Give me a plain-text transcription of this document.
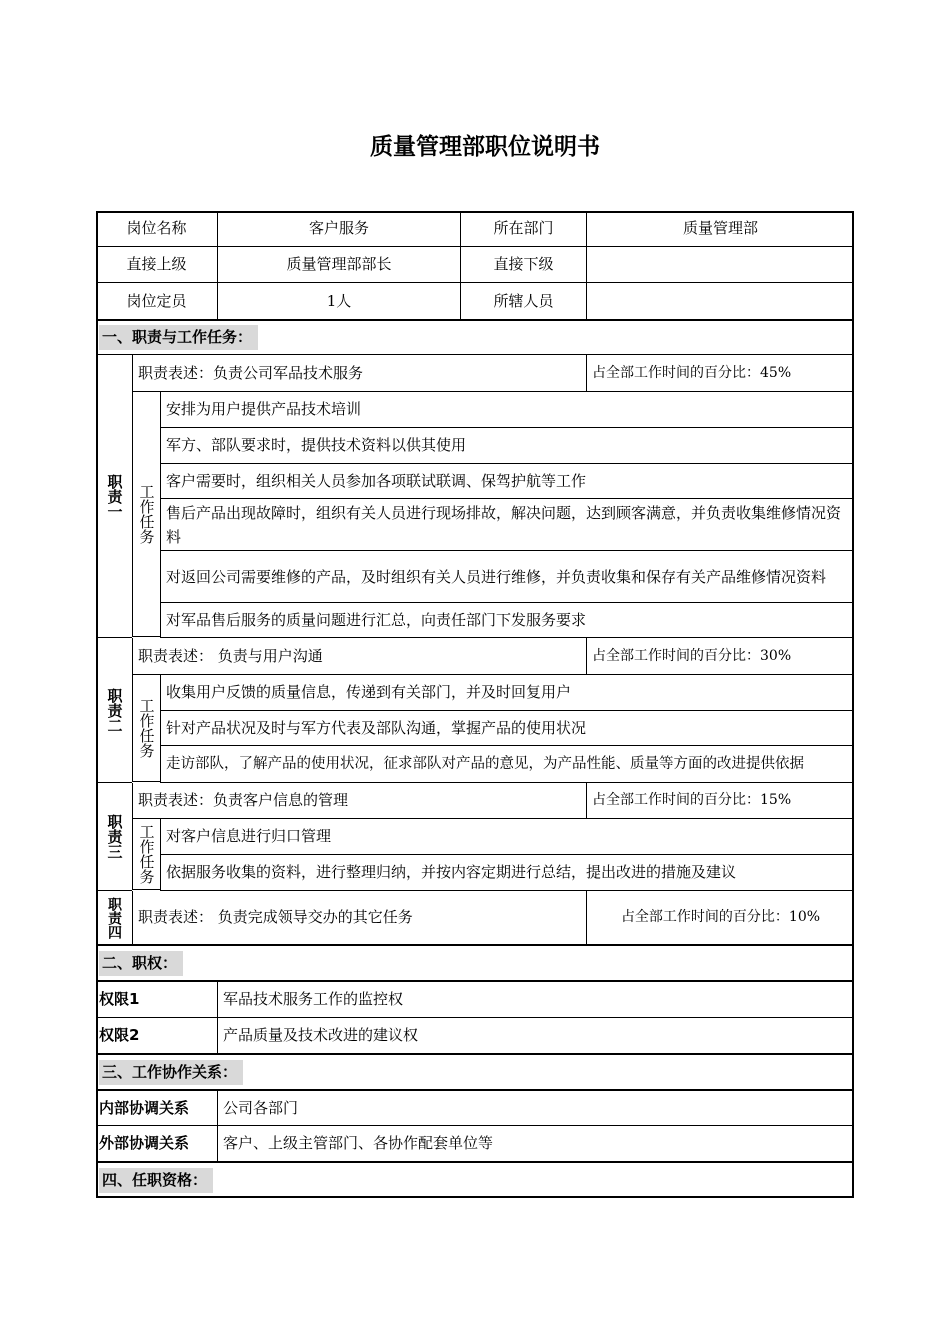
质量管理部职位说明书
岗位名称	客户服务	所在部门	质量管理部
直接上级	质量管理部部长	直接下级
岗位定员	1人	所辖人员
一、职责与工作任务：
职责一
职责表述：负责公司军品技术服务	占全部工作时间的百分比：45%
工作任务
安排为用户提供产品技术培训
军方、部队要求时，提供技术资料以供其使用
客户需要时，组织相关人员参加各项联试联调、保驾护航等工作
售后产品出现故障时，组织有关人员进行现场排故，解决问题，达到顾客满意，并负责收集维修情况资料
对返回公司需要维修的产品，及时组织有关人员进行维修，并负责收集和保存有关产品维修情况资料
对军品售后服务的质量问题进行汇总，向责任部门下发服务要求
职责二
职责表述： 负责与用户沟通	占全部工作时间的百分比：30%
工作任务
收集用户反馈的质量信息，传递到有关部门，并及时回复用户
针对产品状况及时与军方代表及部队沟通，掌握产品的使用状况
走访部队，了解产品的使用状况，征求部队对产品的意见，为产品性能、质量等方面的改进提供依据
职责三
职责表述：负责客户信息的管理	占全部工作时间的百分比：15%
工作任务 对客户信息进行归口管理
依据服务收集的资料，进行整理归纳，并按内容定期进行总结，提出改进的措施及建议
职责四	职责表述： 负责完成领导交办的其它任务	占全部工作时间的百分比：10%
二、职权：
权限1	军品技术服务工作的监控权
权限2	产品质量及技术改进的建议权
三、工作协作关系：
内部协调关系	公司各部门
外部协调关系	客户、上级主管部门、各协作配套单位等
四、任职资格：
